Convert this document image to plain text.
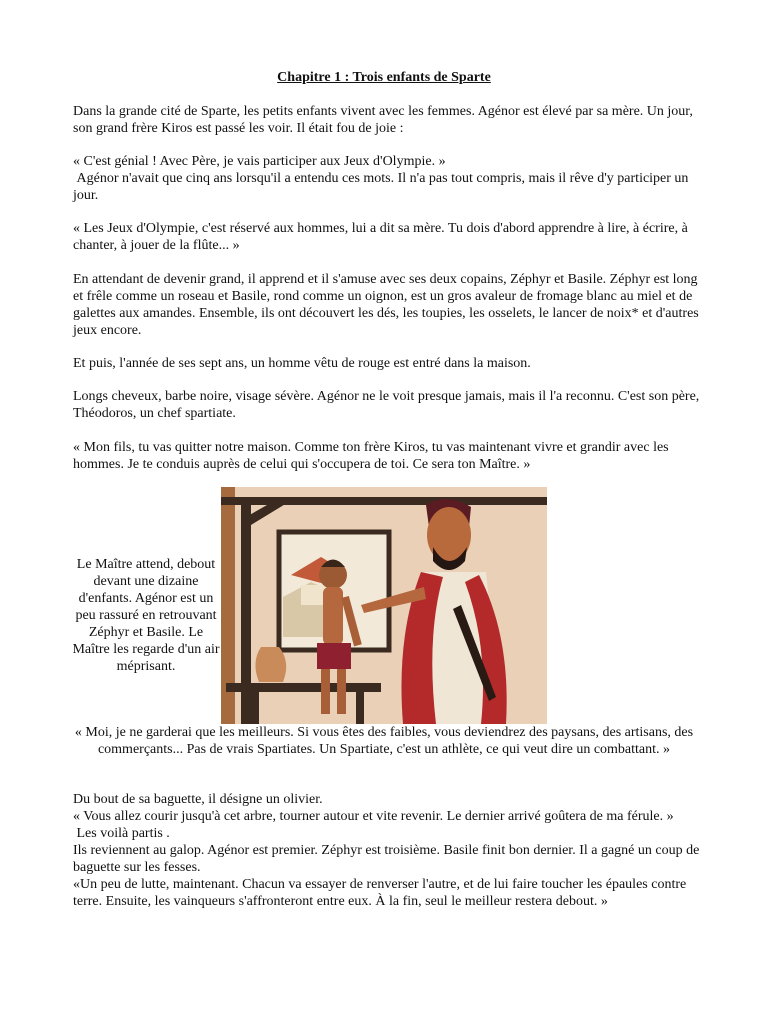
Chapitre 1 : Trois enfants de Sparte

Dans la grande cité de Sparte, les petits enfants vivent avec les femmes. Agénor est élevé par sa mère. Un jour, son grand frère Kiros est passé les voir. Il était fou de joie :

« C'est génial ! Avec Père, je vais participer aux Jeux d'Olympie. »
Agénor n'avait que cinq ans lorsqu'il a entendu ces mots. Il n'a pas tout compris, mais il rêve d'y participer un jour.

« Les Jeux d'Olympie, c'est réservé aux hommes, lui a dit sa mère. Tu dois d'abord apprendre à lire, à écrire, à chanter, à jouer de la flûte... »

En attendant de devenir grand, il apprend et il s'amuse avec ses deux copains, Zéphyr et Basile. Zéphyr est long et frêle comme un roseau et Basile, rond comme un oignon, est un gros avaleur de fromage blanc au miel et de galettes aux amandes. Ensemble, ils ont découvert les dés, les toupies, les osselets, le lancer de noix* et d'autres jeux encore.

Et puis, l'année de ses sept ans, un homme vêtu de rouge est entré dans la maison.

Longs cheveux, barbe noire, visage sévère. Agénor ne le voit presque jamais, mais il l'a reconnu. C'est son père, Théodoros, un chef spartiate.

« Mon fils, tu vas quitter notre maison. Comme ton frère Kiros, tu vas maintenant vivre et grandir avec les hommes. Je te conduis auprès de celui qui s'occupera de toi. Ce sera ton Maître. »

Le Maître attend, debout devant une dizaine d'enfants. Agénor est un peu rassuré en retrouvant Zéphyr et Basile. Le Maître les regarde d'un air méprisant.

« Moi, je ne garderai que les meilleurs. Si vous êtes des faibles, vous deviendrez des paysans, des artisans, des commerçants... Pas de vrais Spartiates. Un Spartiate, c'est un athlète, ce qui veut dire un combattant. »

Du bout de sa baguette, il désigne un olivier.
« Vous allez courir jusqu'à cet arbre, tourner autour et vite revenir. Le dernier arrivé goûtera de ma férule. »
Les voilà partis .
Ils reviennent au galop. Agénor est premier. Zéphyr est troisième. Basile finit bon dernier. Il a gagné un coup de baguette sur les fesses.
«Un peu de lutte, maintenant. Chacun va essayer de renverser l'autre, et de lui faire toucher les épaules contre terre. Ensuite, les vainqueurs s'affronteront entre eux. À la fin, seul le meilleur restera debout. »
